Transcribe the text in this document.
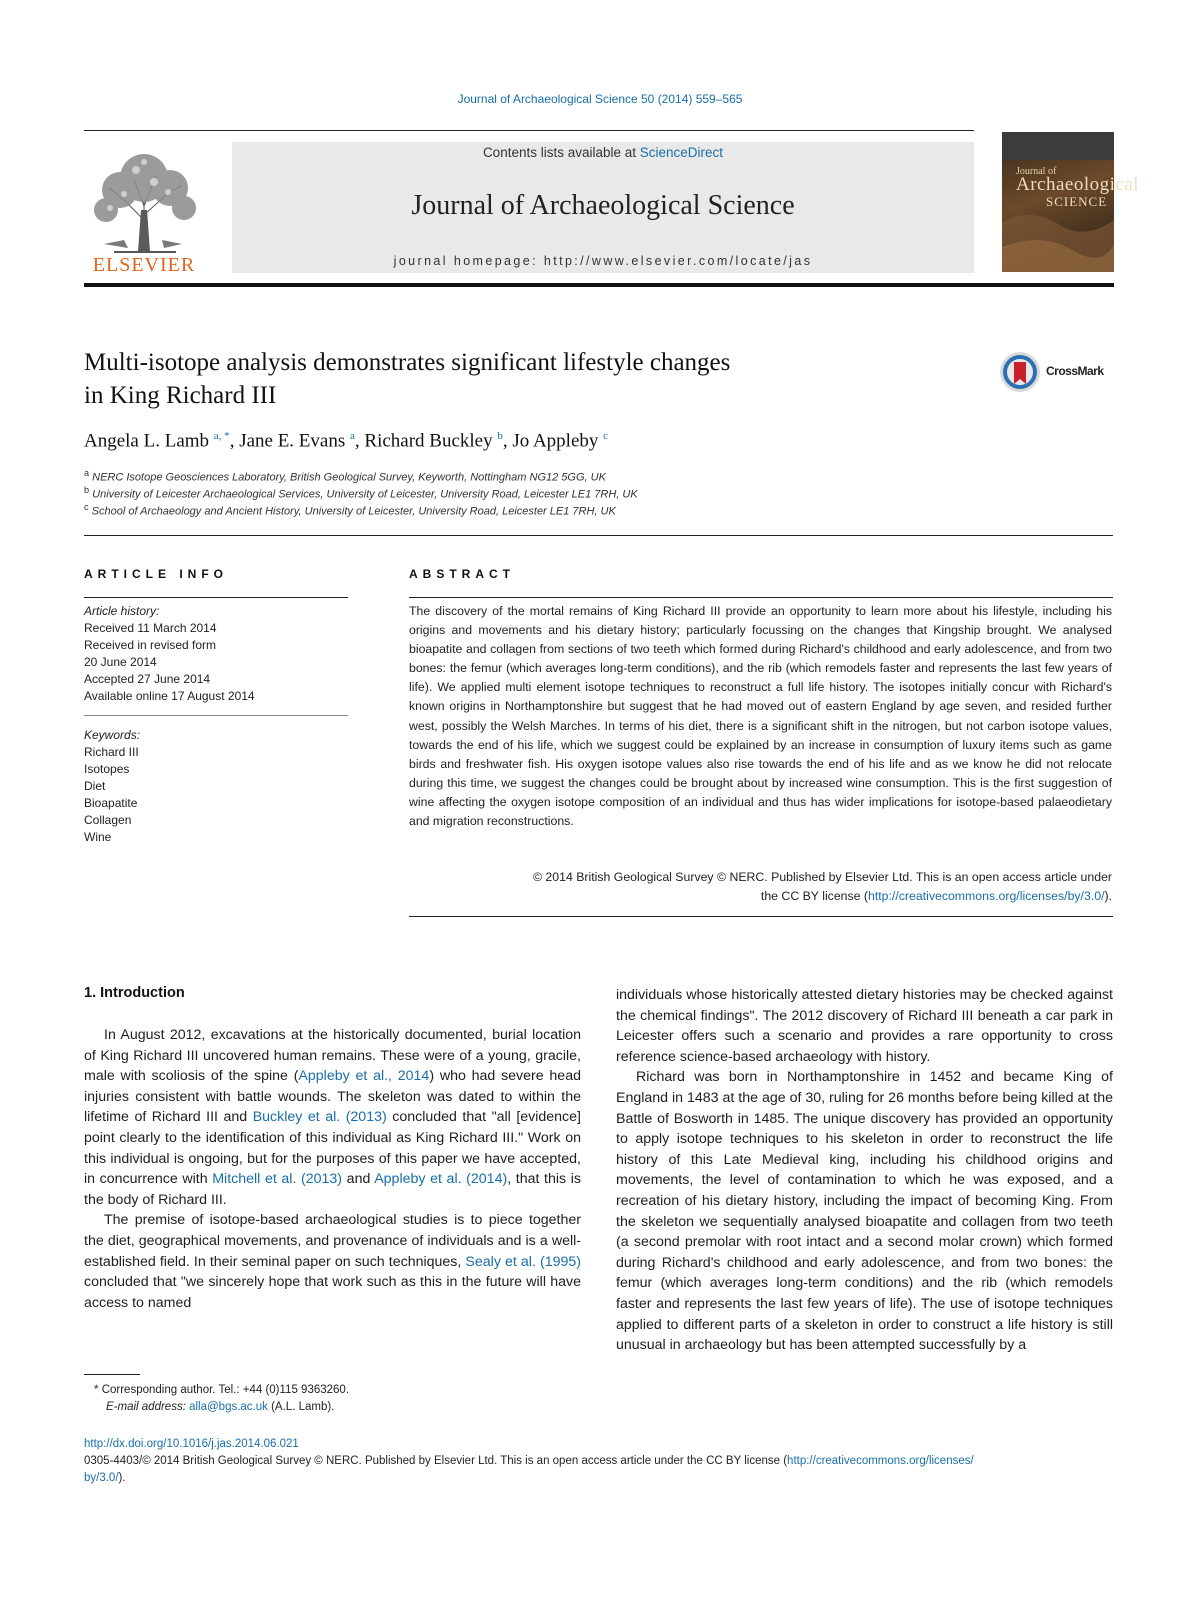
Journal of Archaeological Science 50 (2014) 559–565
ELSEVIER
Contents lists available at ScienceDirect
Journal of Archaeological Science
journal homepage: http://www.elsevier.com/locate/jas
Journal of
Archaeological
SCIENCE
Multi-isotope analysis demonstrates significant lifestyle changes
in King Richard III
CrossMark
Angela L. Lamb $^{a, *}$, Jane E. Evans $^a$, Richard Buckley $^b$, Jo Appleby $^c$
$^a$ NERC Isotope Geosciences Laboratory, British Geological Survey, Keyworth, Nottingham NG12 5GG, UK
$^b$ University of Leicester Archaeological Services, University of Leicester, University Road, Leicester LE1 7RH, UK
$^c$ School of Archaeology and Ancient History, University of Leicester, University Road, Leicester LE1 7RH, UK
ARTICLE INFO
Article history:
Received 11 March 2014
Received in revised form
20 June 2014
Accepted 27 June 2014
Available online 17 August 2014
Keywords:
Richard III
Isotopes
Diet
Bioapatite
Collagen
Wine
ABSTRACT
The discovery of the mortal remains of King Richard III provide an opportunity to learn more about his lifestyle, including his origins and movements and his dietary history; particularly focussing on the changes that Kingship brought. We analysed bioapatite and collagen from sections of two teeth which formed during Richard's childhood and early adolescence, and from two bones: the femur (which averages long-term conditions), and the rib (which remodels faster and represents the last few years of life). We applied multi element isotope techniques to reconstruct a full life history. The isotopes initially concur with Richard's known origins in Northamptonshire but suggest that he had moved out of eastern England by age seven, and resided further west, possibly the Welsh Marches. In terms of his diet, there is a significant shift in the nitrogen, but not carbon isotope values, towards the end of his life, which we suggest could be explained by an increase in consumption of luxury items such as game birds and freshwater fish. His oxygen isotope values also rise towards the end of his life and as we know he did not relocate during this time, we suggest the changes could be brought about by increased wine consumption. This is the first suggestion of wine affecting the oxygen isotope composition of an individual and thus has wider implications for isotope-based palaeodietary and migration reconstructions.
© 2014 British Geological Survey © NERC. Published by Elsevier Ltd. This is an open access article under
the CC BY license (http://creativecommons.org/licenses/by/3.0/).
1. Introduction

In August 2012, excavations at the historically documented, burial location of King Richard III uncovered human remains. These were of a young, gracile, male with scoliosis of the spine (Appleby et al., 2014) who had severe head injuries consistent with battle wounds. The skeleton was dated to within the lifetime of Richard III and Buckley et al. (2013) concluded that "all [evidence] point clearly to the identification of this individual as King Richard III." Work on this individual is ongoing, but for the purposes of this paper we have accepted, in concurrence with Mitchell et al. (2013) and Appleby et al. (2014), that this is the body of Richard III.

The premise of isotope-based archaeological studies is to piece together the diet, geographical movements, and provenance of individuals and is a well-established field. In their seminal paper on such techniques, Sealy et al. (1995) concluded that "we sincerely hope that work such as this in the future will have access to named

individuals whose historically attested dietary histories may be checked against the chemical findings". The 2012 discovery of Richard III beneath a car park in Leicester offers such a scenario and provides a rare opportunity to cross reference science-based archaeology with history.

Richard was born in Northamptonshire in 1452 and became King of England in 1483 at the age of 30, ruling for 26 months before being killed at the Battle of Bosworth in 1485. The unique discovery has provided an opportunity to apply isotope techniques to his skeleton in order to reconstruct the life history of this Late Medieval king, including his childhood origins and movements, the level of contamination to which he was exposed, and a recreation of his dietary history, including the impact of becoming King. From the skeleton we sequentially analysed bioapatite and collagen from two teeth (a second premolar with root intact and a second molar crown) which formed during Richard's childhood and early adolescence, and from two bones: the femur (which averages long-term conditions) and the rib (which remodels faster and represents the last few years of life). The use of isotope techniques applied to different parts of a skeleton in order to construct a life history is still unusual in archaeology but has been attempted successfully by a

* Corresponding author. Tel.: +44 (0)115 9363260.
E-mail address: alla@bgs.ac.uk (A.L. Lamb).
http://dx.doi.org/10.1016/j.jas.2014.06.021
0305-4403/© 2014 British Geological Survey © NERC. Published by Elsevier Ltd. This is an open access article under the CC BY license (http://creativecommons.org/licenses/
by/3.0/).
